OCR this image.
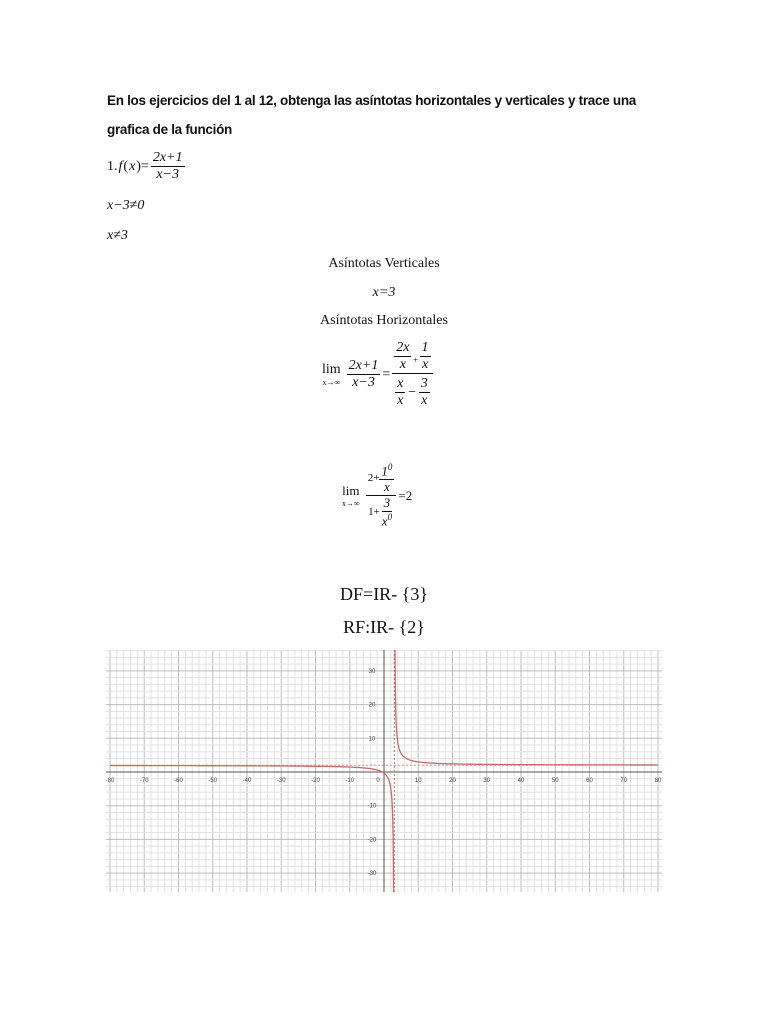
En los ejercicios del 1 al 12, obtenga las asíntotas horizontales y verticales y trace una
grafica de la función
1. f ( x )= $\frac{2x+1}{x-3}$
x−3≠0
x≠3
Asíntotas Verticales
x=3
Asíntotas Horizontales
lim
$x\to\infty \frac{2x+1}{x-3} = \frac{\frac{2x}{x} + \frac{1}{x}}{\frac{x}{x} - \frac{3}{x}}$
lim
$x\to\infty \frac{2+ \frac{1^0}{x}}{1+ \frac{3}{x^0}} =2$
DF=IR- {3}
RF:IR- {2}
-80	-70	-60	-50	-40	-30	-20	-10	0	10	20	30	40	50	60	70	80
30
20
10
-10
-20
-30
